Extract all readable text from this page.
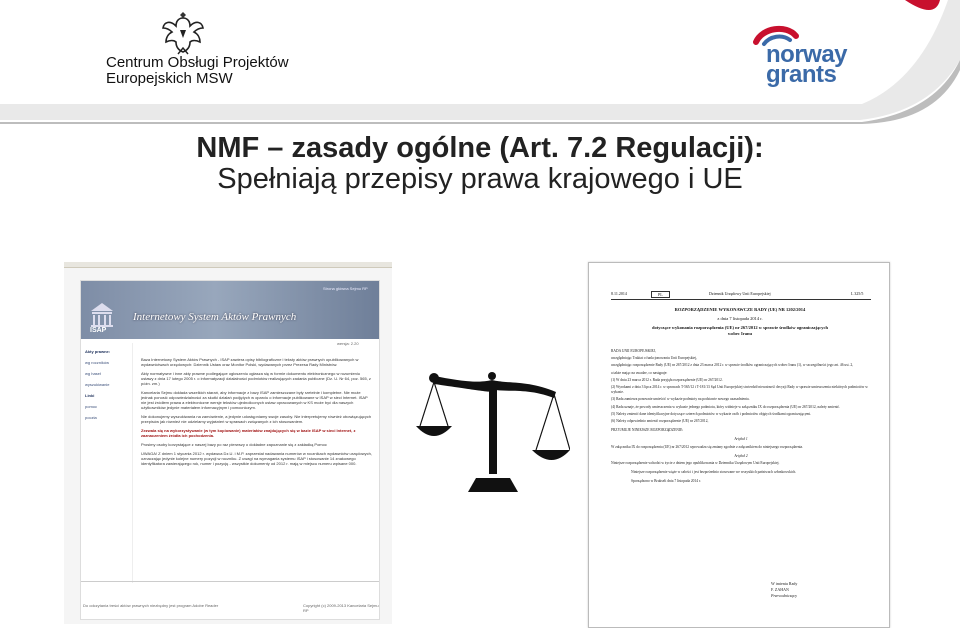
Centrum Obsługi Projektów
Europejskich MSW
norway
grants
NMF – zasady ogólne (Art. 7.2 Regulacji):
Spełniają przepisy prawa krajowego i UE
ISAP
Internetowy System Aktów Prawnych
Strona główna Sejmu RP
wersja: 2.20
Akty prawne:
wg roczników
wg haseł
wyszukiwanie
Linki
pomoc
poczta

Baza Internetowy System Aktów Prawnych - ISAP zawiera opisy bibliograficzne i teksty aktów prawnych opublikowanych w wydawnictwach urzędowych: Dziennik Ustaw oraz Monitor Polski, wydawanych przez Prezesa Rady Ministrów.

Akty normatywne i inne akty prawne podlegające ogłoszeniu ogłasza się w formie dokumentu elektronicznego w rozumieniu ustawy z dnia 17 lutego 2005 r. o informatyzacji działalności podmiotów realizujących zadania publiczne (Dz. U. Nr 64, poz. 565, z późn. zm.)

Kancelaria Sejmu dokłada wszelkich starań, aby informacje z bazy ISAP zamieszczane były rzetelnie i kompletne. Nie może jednak ponosić odpowiedzialności za skutki działań podjętych w oparciu o informacje publikowane w ISAP w sieci Internet. ISAP nie jest źródłem prawa a elektroniczne wersje tekstów ujednoliconych ustaw opracowanych w KS może być dla naszych użytkowników jedynie materiałem informacyjnym i pomocniczym.

Nie dokonujemy wyszukiwania na zamówienie, a jedynie udostępniamy swoje zasoby. Nie interpretujemy również obowiązujących przepisów jak również nie udzielamy wyjaśnień w sprawach związanych z ich stosowaniem.

Zezwala się na wykorzystywanie (w tym kopiowanie) materiałów znajdujących się w bazie ISAP w sieci Internet, z zaznaczeniem źródła ich pochodzenia.

Prosimy osoby korzystające z naszej bazy po raz pierwszy o dokładne zapoznanie się z zakładką Pomoc

UWAGA! Z dniem 1 stycznia 2012 r. wydawca Dz.U. i M.P. zaprzestał nadawania numerów w rocznikach wydawnictw urzędowych, oznaczając jedynie kolejne numery pozycji w roczniku. Z uwagi na wymagania systemu ISAP i stosowanie 14 znakowego identyfikatora zawierającego rok, numer i pozycję - wszystkie dokumenty od 2012 r. mają w miejscu numeru wpisane 000.

Do odczytania treści aktów prawnych niezbędny jest program Adobe Reader	Copyright (c) 2009-2013 Kancelaria Sejmu RP
8.11.2014	PL	Dziennik Urzędowy Unii Europejskiej	L 325/5
ROZPORZĄDZENIE WYKONAWCZE RADY (UE) NR 1202/2014
z dnia 7 listopada 2014 r.
dotyczące wykonania rozporządzenia (UE) nr 267/2012 w sprawie środków ograniczających
wobec Iranu

RADA UNII EUROPEJSKIEJ,

uwzględniając Traktat o funkcjonowaniu Unii Europejskiej,

uwzględniając rozporządzenie Rady (UE) nr 267/2012 z dnia 23 marca 2012 r. w sprawie środków ograniczających wobec Iranu (1), w szczególności jego art. 46 ust. 2,

a także mając na uwadze, co następuje:

(1) W dniu 23 marca 2012 r. Rada przyjęła rozporządzenie (UE) nr 267/2012.

(2) Wyrokami z dnia 3 lipca 2014 r. w sprawach T-565/12 i T-181/13 Sąd Unii Europejskiej stwierdził nieważność decyzji Rady w sprawie umieszczenia niektórych podmiotów w wykazie.

(3) Rada zamierza ponownie umieścić w wykazie podmioty na podstawie nowego uzasadnienia.

(4) Rada uznaje, że powody umieszczenia w wykazie jednego podmiotu, który widnieje w załączniku IX do rozporządzenia (UE) nr 267/2012, należy zmienić.

(5) Należy zmienić dane identyfikacyjne dotyczące czterech podmiotów w wykazie osób i podmiotów objętych środkami ograniczającymi.

(6) Należy odpowiednio zmienić rozporządzenie (UE) nr 267/2012,

PRZYJMUJE NINIEJSZE ROZPORZĄDZENIE:

Artykuł 1

W załączniku IX do rozporządzenia (UE) nr 267/2012 wprowadza się zmiany zgodnie z załącznikiem do niniejszego rozporządzenia.

Artykuł 2

Niniejsze rozporządzenie wchodzi w życie z dniem jego opublikowania w Dzienniku Urzędowym Unii Europejskiej.

Niniejsze rozporządzenie wiąże w całości i jest bezpośrednio stosowane we wszystkich państwach członkowskich.

Sporządzono w Brukseli dnia 7 listopada 2014 r.

W imieniu Rady
F. ZAHAN
Przewodniczący
